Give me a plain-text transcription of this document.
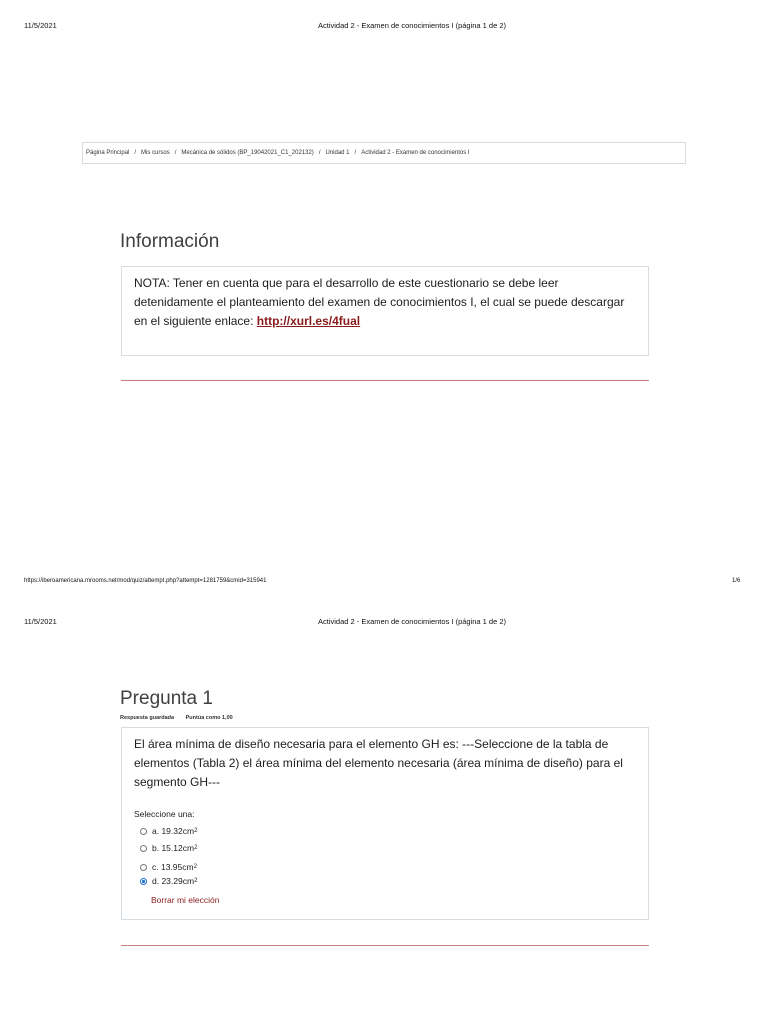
11/5/2021	Actividad 2 - Examen de conocimientos I (página 1 de 2)
Página Principal / Mis cursos / Mecánica de sólidos (BP_19042021_C1_202132) / Unidad 1 / Actividad 2 - Examen de conocimientos I
Información
NOTA: Tener en cuenta que para el desarrollo de este cuestionario se debe leer detenidamente el planteamiento del examen de conocimientos I, el cual se puede descargar en el siguiente enlace: http://xurl.es/4fual
https://iberoamericana.mrooms.net/mod/quiz/attempt.php?attempt=1281759&cmid=315941	1/6
11/5/2021	Actividad 2 - Examen de conocimientos I (página 1 de 2)
Pregunta 1
Respuesta guardada Puntúa como 1,00
El área mínima de diseño necesaria para el elemento GH es: ---Seleccione de la tabla de elementos (Tabla 2) el área mínima del elemento necesaria (área mínima de diseño) para el segmento GH---
Seleccione una:
a. 19.32 cm 2
b. 15.12 cm 2
c. 13.95 cm 2
d. 23.29 cm 2
Borrar mi elección
